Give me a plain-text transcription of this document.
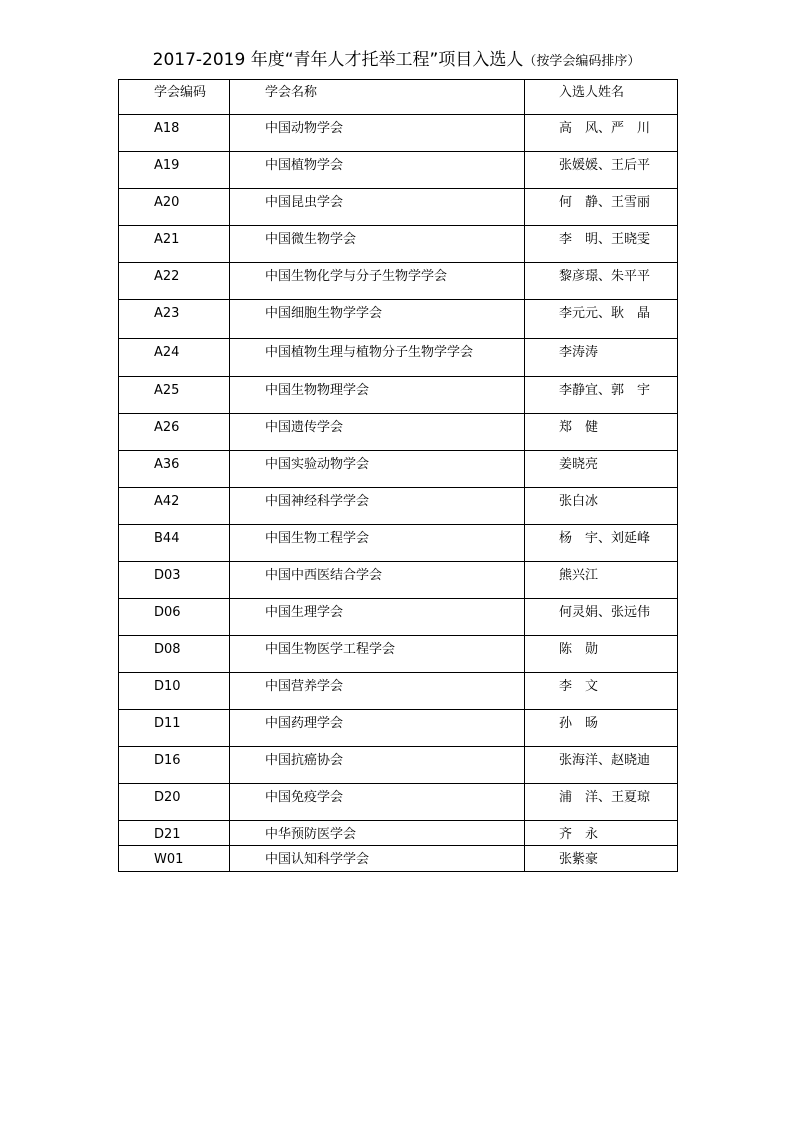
2017-2019 年度“青年人才托举工程”项目入选人（按学会编码排序）
学会编码	学会名称	入选人姓名
A18	中国动物学会	高　风、严　川
A19	中国植物学会	张媛媛、王后平
A20	中国昆虫学会	何　静、王雪丽
A21	中国微生物学会	李　明、王晓雯
A22	中国生物化学与分子生物学学会	黎彦璟、朱平平
A23	中国细胞生物学学会	李元元、耿　晶
A24	中国植物生理与植物分子生物学学会	李涛涛
A25	中国生物物理学会	李静宜、郭　宇
A26	中国遗传学会	郑　健
A36	中国实验动物学会	姜晓亮
A42	中国神经科学学会	张白冰
B44	中国生物工程学会	杨　宇、刘延峰
D03	中国中西医结合学会	熊兴江
D06	中国生理学会	何灵娟、张远伟
D08	中国生物医学工程学会	陈　勋
D10	中国营养学会	李　文
D11	中国药理学会	孙　旸
D16	中国抗癌协会	张海洋、赵晓迪
D20	中国免疫学会	浦　洋、王夏琼
D21	中华预防医学会	齐　永
W01	中国认知科学学会	张紫豪
